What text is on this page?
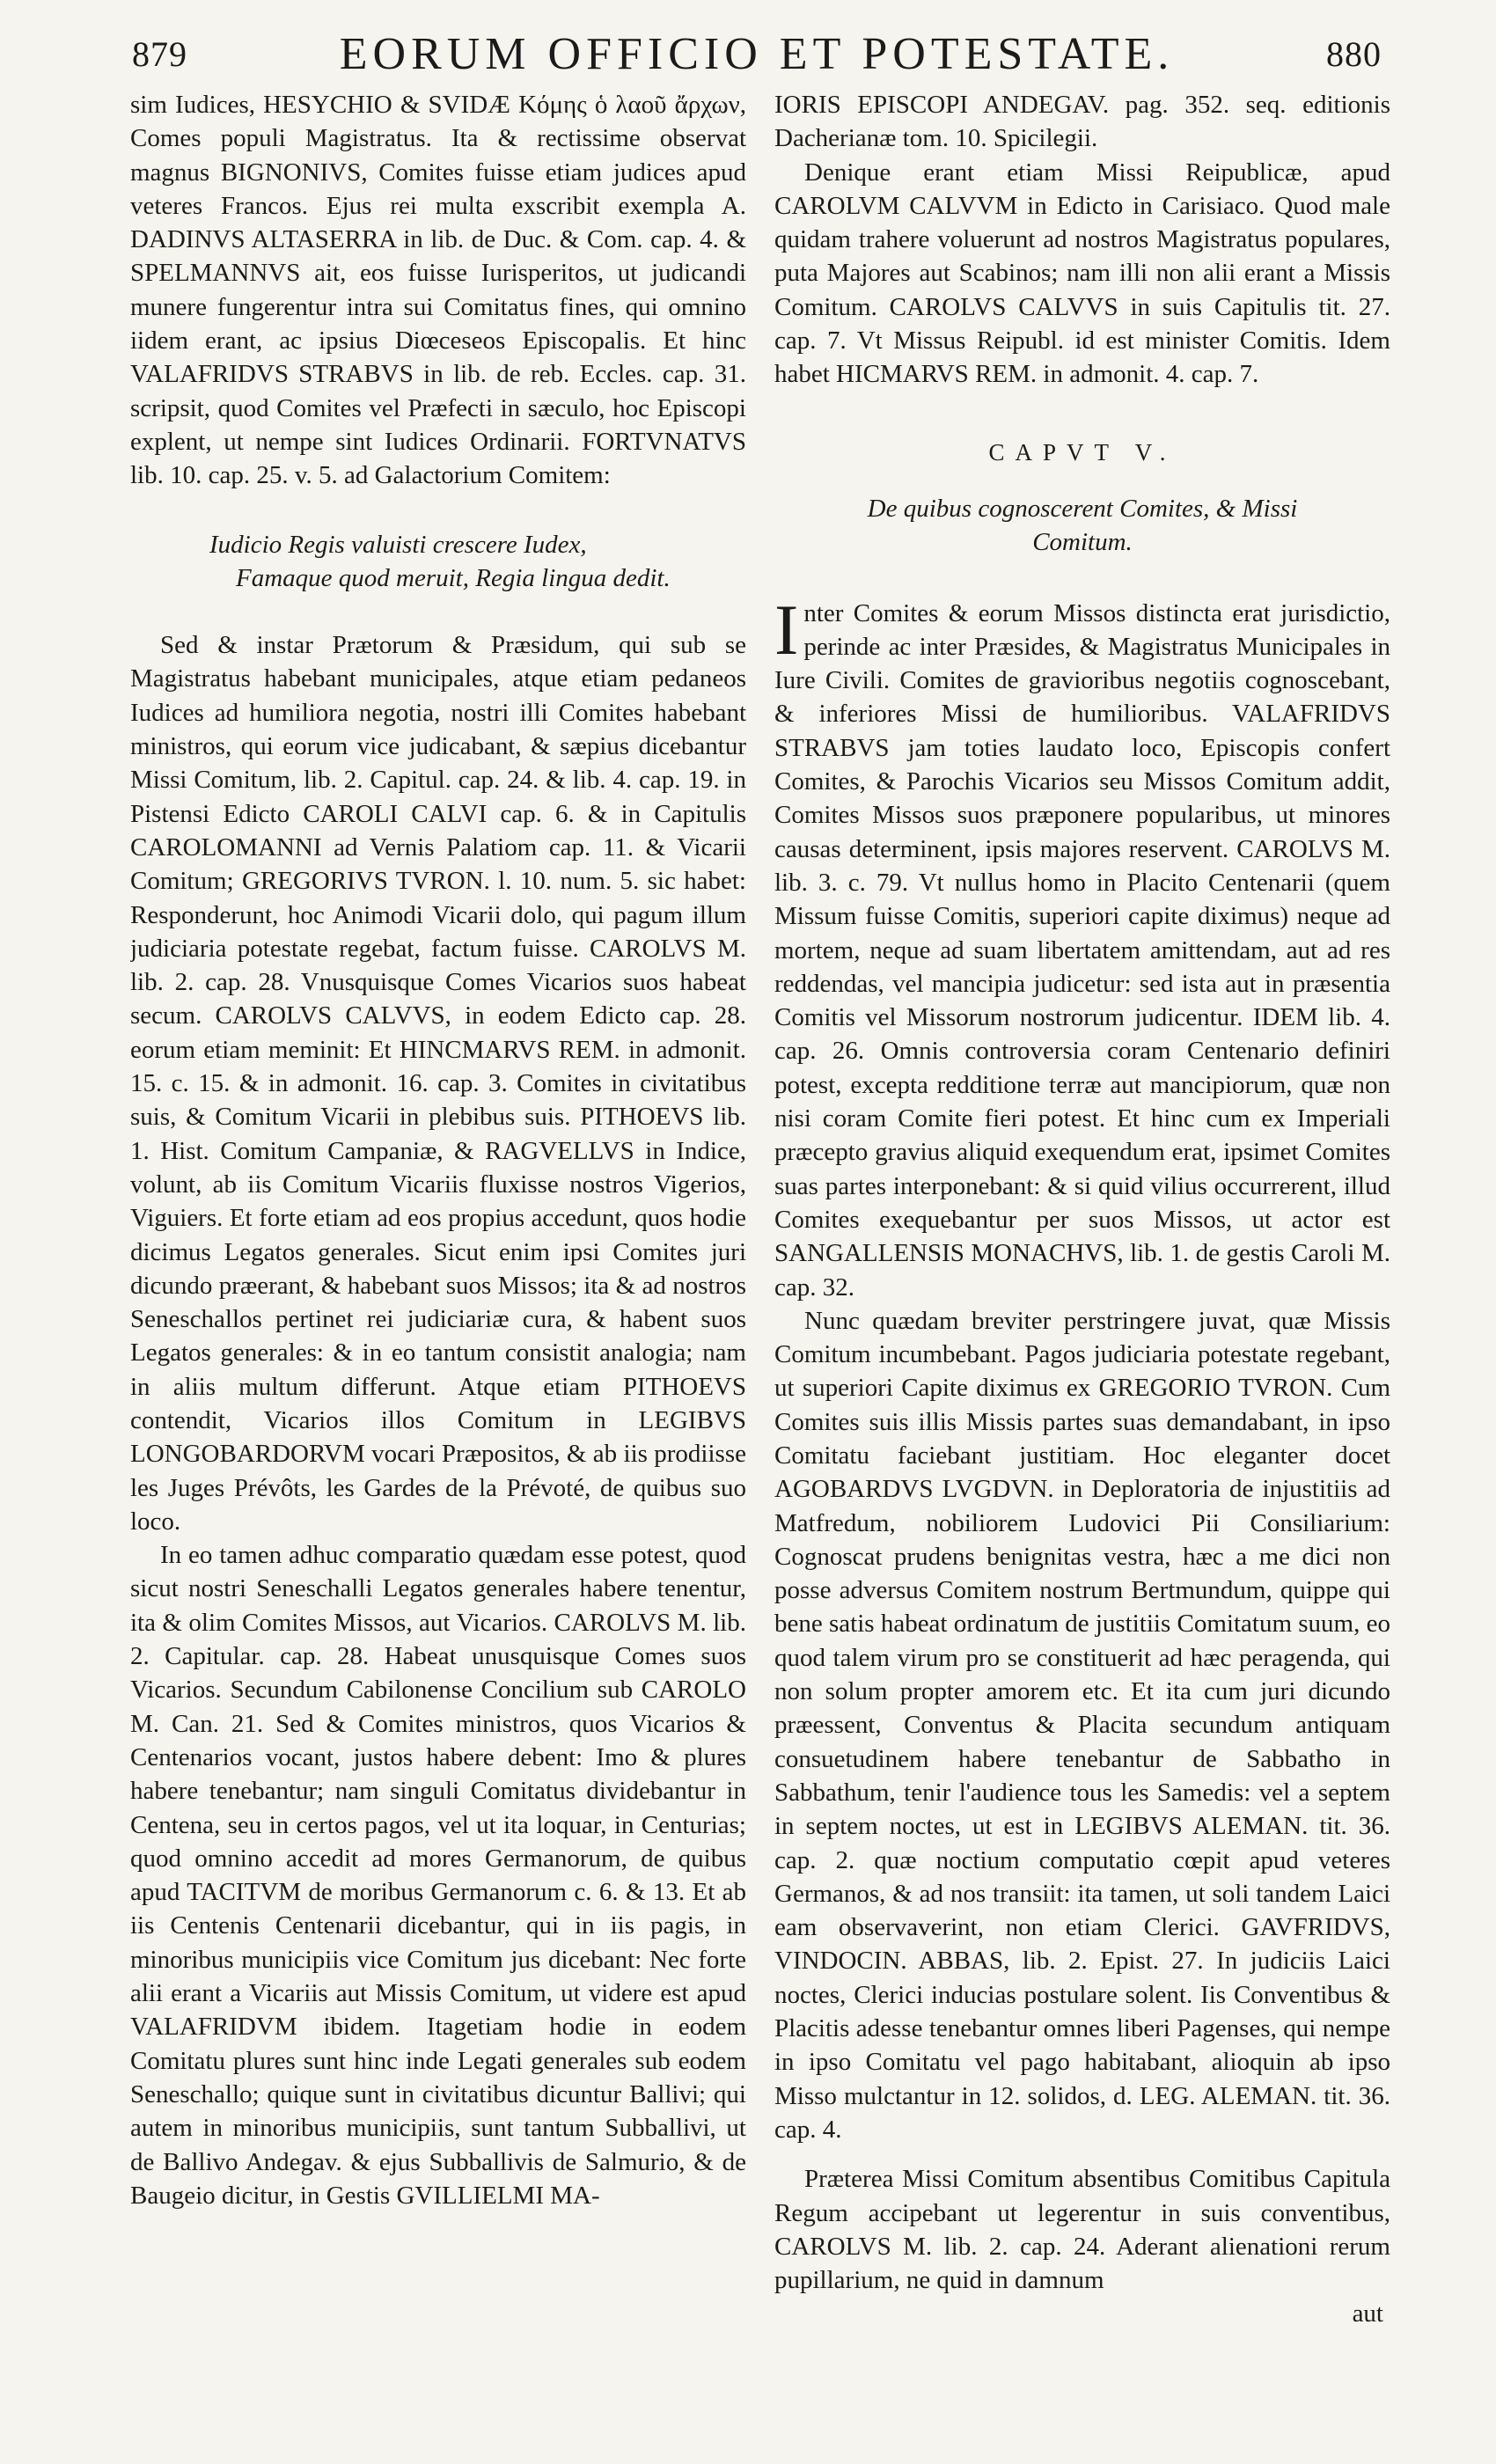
879	EORUM OFFICIO ET POTESTATE.	880

sim Iudices, HESYCHIO & SVIDÆ Κόμης ὁ λαοῦ ἄρχων, Comes populi Magistratus. Ita & rectissime observat magnus BIGNONIVS, Comites fuisse etiam judices apud veteres Francos. Ejus rei multa exscribit exempla A. DADINVS ALTASERRA in lib. de Duc. & Com. cap. 4. & SPELMANNVS ait, eos fuisse Iurisperitos, ut judicandi munere fungerentur intra sui Comitatus fines, qui omnino iidem erant, ac ipsius Diœceseos Episcopalis. Et hinc VALAFRIDVS STRABVS in lib. de reb. Eccles. cap. 31. scripsit, quod Comites vel Præfecti in sæculo, hoc Episcopi explent, ut nempe sint Iudices Ordinarii. FORTVNATVS lib. 10. cap. 25. v. 5. ad Galactorium Comitem:

Iudicio Regis valuisti crescere Iudex,
Famaque quod meruit, Regia lingua dedit.

Sed & instar Prætorum & Præsidum, qui sub se Magistratus habebant municipales, atque etiam pedaneos Iudices ad humiliora negotia, nostri illi Comites habebant ministros, qui eorum vice judicabant, & sæpius dicebantur Missi Comitum, lib. 2. Capitul. cap. 24. & lib. 4. cap. 19. in Pistensi Edicto CAROLI CALVI cap. 6. & in Capitulis CAROLOMANNI ad Vernis Palatiom cap. 11. & Vicarii Comitum; GREGORIVS TVRON. l. 10. num. 5. sic habet: Responderunt, hoc Animodi Vicarii dolo, qui pagum illum judiciaria potestate regebat, factum fuisse. CAROLVS M. lib. 2. cap. 28. Vnusquisque Comes Vicarios suos habeat secum. CAROLVS CALVVS, in eodem Edicto cap. 28. eorum etiam meminit: Et HINCMARVS REM. in admonit. 15. c. 15. & in admonit. 16. cap. 3. Comites in civitatibus suis, & Comitum Vicarii in plebibus suis. PITHOEVS lib. 1. Hist. Comitum Campaniæ, & RAGVELLVS in Indice, volunt, ab iis Comitum Vicariis fluxisse nostros Vigerios, Viguiers. Et forte etiam ad eos propius accedunt, quos hodie dicimus Legatos generales. Sicut enim ipsi Comites juri dicundo præerant, & habebant suos Missos; ita & ad nostros Seneschallos pertinet rei judiciariæ cura, & habent suos Legatos generales: & in eo tantum consistit analogia; nam in aliis multum differunt. Atque etiam PITHOEVS contendit, Vicarios illos Comitum in LEGIBVS LONGOBARDORVM vocari Præpositos, & ab iis prodiisse les Juges Prévôts, les Gardes de la Prévoté, de quibus suo loco.

In eo tamen adhuc comparatio quædam esse potest, quod sicut nostri Seneschalli Legatos generales habere tenentur, ita & olim Comites Missos, aut Vicarios. CAROLVS M. lib. 2. Capitular. cap. 28. Habeat unusquisque Comes suos Vicarios. Secundum Cabilonense Concilium sub CAROLO M. Can. 21. Sed & Comites ministros, quos Vicarios & Centenarios vocant, justos habere debent: Imo & plures habere tenebantur; nam singuli Comitatus dividebantur in Centena, seu in certos pagos, vel ut ita loquar, in Centurias; quod omnino accedit ad mores Germanorum, de quibus apud TACITVM de moribus Germanorum c. 6. & 13. Et ab iis Centenis Centenarii dicebantur, qui in iis pagis, in minoribus municipiis vice Comitum jus dicebant: Nec forte alii erant a Vicariis aut Missis Comitum, ut videre est apud VALAFRIDVM ibidem. Itagetiam hodie in eodem Comitatu plures sunt hinc inde Legati generales sub eodem Seneschallo; quique sunt in civitatibus dicuntur Ballivi; qui autem in minoribus municipiis, sunt tantum Subballivi, ut de Ballivo Andegav. & ejus Subballivis de Salmurio, & de Baugeio dicitur, in Gestis GVILLIELMI MA-

IORIS EPISCOPI ANDEGAV. pag. 352. seq. editionis Dacherianæ tom. 10. Spicilegii.

Denique erant etiam Missi Reipublicæ, apud CAROLVM CALVVM in Edicto in Carisiaco. Quod male quidam trahere voluerunt ad nostros Magistratus populares, puta Majores aut Scabinos; nam illi non alii erant a Missis Comitum. CAROLVS CALVVS in suis Capitulis tit. 27. cap. 7. Vt Missus Reipubl. id est minister Comitis. Idem habet HICMARVS REM. in admonit. 4. cap. 7.

CAPVT V.
De quibus cognoscerent Comites, & Missi Comitum.

Inter Comites & eorum Missos distincta erat jurisdictio, perinde ac inter Præsides, & Magistratus Municipales in Iure Civili. Comites de gravioribus negotiis cognoscebant, & inferiores Missi de humilioribus. VALAFRIDVS STRABVS jam toties laudato loco, Episcopis confert Comites, & Parochis Vicarios seu Missos Comitum addit, Comites Missos suos præponere popularibus, ut minores causas determinent, ipsis majores reservent. CAROLVS M. lib. 3. c. 79. Vt nullus homo in Placito Centenarii (quem Missum fuisse Comitis, superiori capite diximus) neque ad mortem, neque ad suam libertatem amittendam, aut ad res reddendas, vel mancipia judicetur: sed ista aut in præsentia Comitis vel Missorum nostrorum judicentur. IDEM lib. 4. cap. 26. Omnis controversia coram Centenario definiri potest, excepta redditione terræ aut mancipiorum, quæ non nisi coram Comite fieri potest. Et hinc cum ex Imperiali præcepto gravius aliquid exequendum erat, ipsimet Comites suas partes interponebant: & si quid vilius occurrerent, illud Comites exequebantur per suos Missos, ut actor est SANGALLENSIS MONACHVS, lib. 1. de gestis Caroli M. cap. 32.

Nunc quædam breviter perstringere juvat, quæ Missis Comitum incumbebant. Pagos judiciaria potestate regebant, ut superiori Capite diximus ex GREGORIO TVRON. Cum Comites suis illis Missis partes suas demandabant, in ipso Comitatu faciebant justitiam. Hoc eleganter docet AGOBARDVS LVGDVN. in Deploratoria de injustitiis ad Matfredum, nobiliorem Ludovici Pii Consiliarium: Cognoscat prudens benignitas vestra, hæc a me dici non posse adversus Comitem nostrum Bertmundum, quippe qui bene satis habeat ordinatum de justitiis Comitatum suum, eo quod talem virum pro se constituerit ad hæc peragenda, qui non solum propter amorem etc. Et ita cum juri dicundo præessent, Conventus & Placita secundum antiquam consuetudinem habere tenebantur de Sabbatho in Sabbathum, tenir l'audience tous les Samedis: vel a septem in septem noctes, ut est in LEGIBVS ALEMAN. tit. 36. cap. 2. quæ noctium computatio cœpit apud veteres Germanos, & ad nos transiit: ita tamen, ut soli tandem Laici eam observaverint, non etiam Clerici. GAVFRIDVS, VINDOCIN. ABBAS, lib. 2. Epist. 27. In judiciis Laici noctes, Clerici inducias postulare solent. Iis Conventibus & Placitis adesse tenebantur omnes liberi Pagenses, qui nempe in ipso Comitatu vel pago habitabant, alioquin ab ipso Misso mulctantur in 12. solidos, d. LEG. ALEMAN. tit. 36. cap. 4.

Præterea Missi Comitum absentibus Comitibus Capitula Regum accipebant ut legerentur in suis conventibus, CAROLVS M. lib. 2. cap. 24. Aderant alienationi rerum pupillarium, ne quid in damnum

aut
